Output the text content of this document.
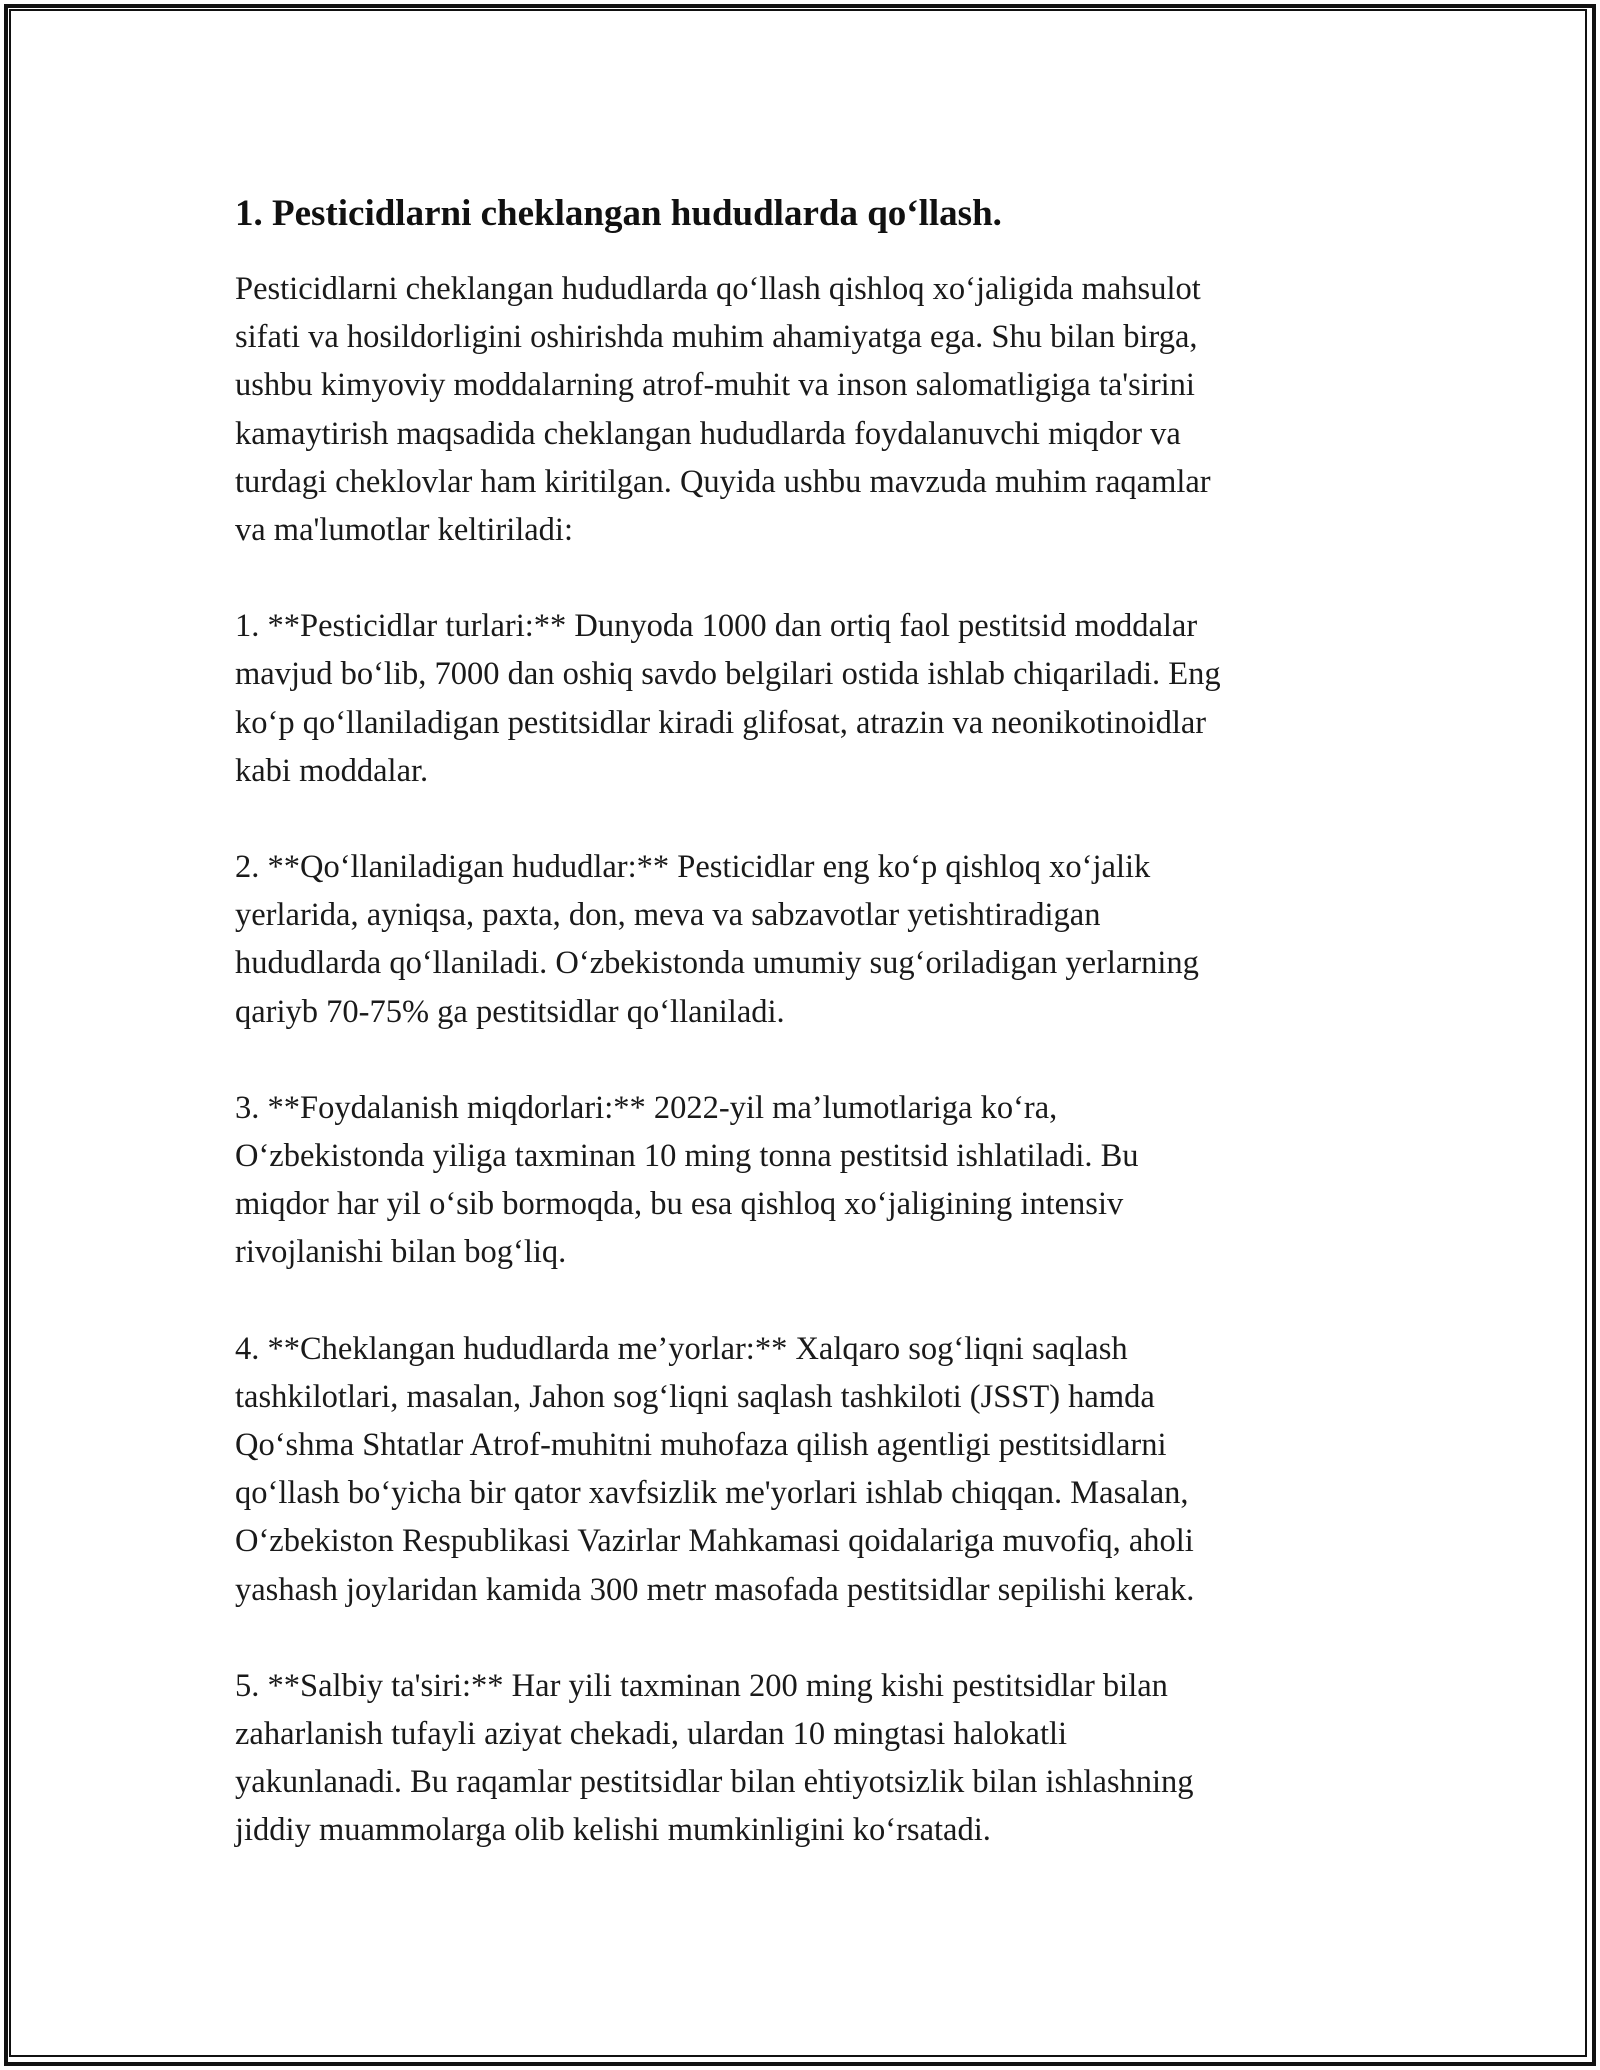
1. Pesticidlarni cheklangan hududlarda qo‘llash.

Pesticidlarni cheklangan hududlarda qo‘llash qishloq xo‘jaligida mahsulot
sifati va hosildorligini oshirishda muhim ahamiyatga ega. Shu bilan birga,
ushbu kimyoviy moddalarning atrof-muhit va inson salomatligiga ta'sirini
kamaytirish maqsadida cheklangan hududlarda foydalanuvchi miqdor va
turdagi cheklovlar ham kiritilgan. Quyida ushbu mavzuda muhim raqamlar
va ma'lumotlar keltiriladi:

1. **Pesticidlar turlari:** Dunyoda 1000 dan ortiq faol pestitsid moddalar
mavjud bo‘lib, 7000 dan oshiq savdo belgilari ostida ishlab chiqariladi. Eng
ko‘p qo‘llaniladigan pestitsidlar kiradi glifosat, atrazin va neonikotinoidlar
kabi moddalar.

2. **Qo‘llaniladigan hududlar:** Pesticidlar eng ko‘p qishloq xo‘jalik
yerlarida, ayniqsa, paxta, don, meva va sabzavotlar yetishtiradigan
hududlarda qo‘llaniladi. O‘zbekistonda umumiy sug‘oriladigan yerlarning
qariyb 70-75% ga pestitsidlar qo‘llaniladi.

3. **Foydalanish miqdorlari:** 2022-yil ma’lumotlariga ko‘ra,
O‘zbekistonda yiliga taxminan 10 ming tonna pestitsid ishlatiladi. Bu
miqdor har yil o‘sib bormoqda, bu esa qishloq xo‘jaligining intensiv
rivojlanishi bilan bog‘liq.

4. **Cheklangan hududlarda me’yorlar:** Xalqaro sog‘liqni saqlash
tashkilotlari, masalan, Jahon sog‘liqni saqlash tashkiloti (JSST) hamda
Qo‘shma Shtatlar Atrof-muhitni muhofaza qilish agentligi pestitsidlarni
qo‘llash bo‘yicha bir qator xavfsizlik me'yorlari ishlab chiqqan. Masalan,
O‘zbekiston Respublikasi Vazirlar Mahkamasi qoidalariga muvofiq, aholi
yashash joylaridan kamida 300 metr masofada pestitsidlar sepilishi kerak.

5. **Salbiy ta'siri:** Har yili taxminan 200 ming kishi pestitsidlar bilan
zaharlanish tufayli aziyat chekadi, ulardan 10 mingtasi halokatli
yakunlanadi. Bu raqamlar pestitsidlar bilan ehtiyotsizlik bilan ishlashning
jiddiy muammolarga olib kelishi mumkinligini ko‘rsatadi.
